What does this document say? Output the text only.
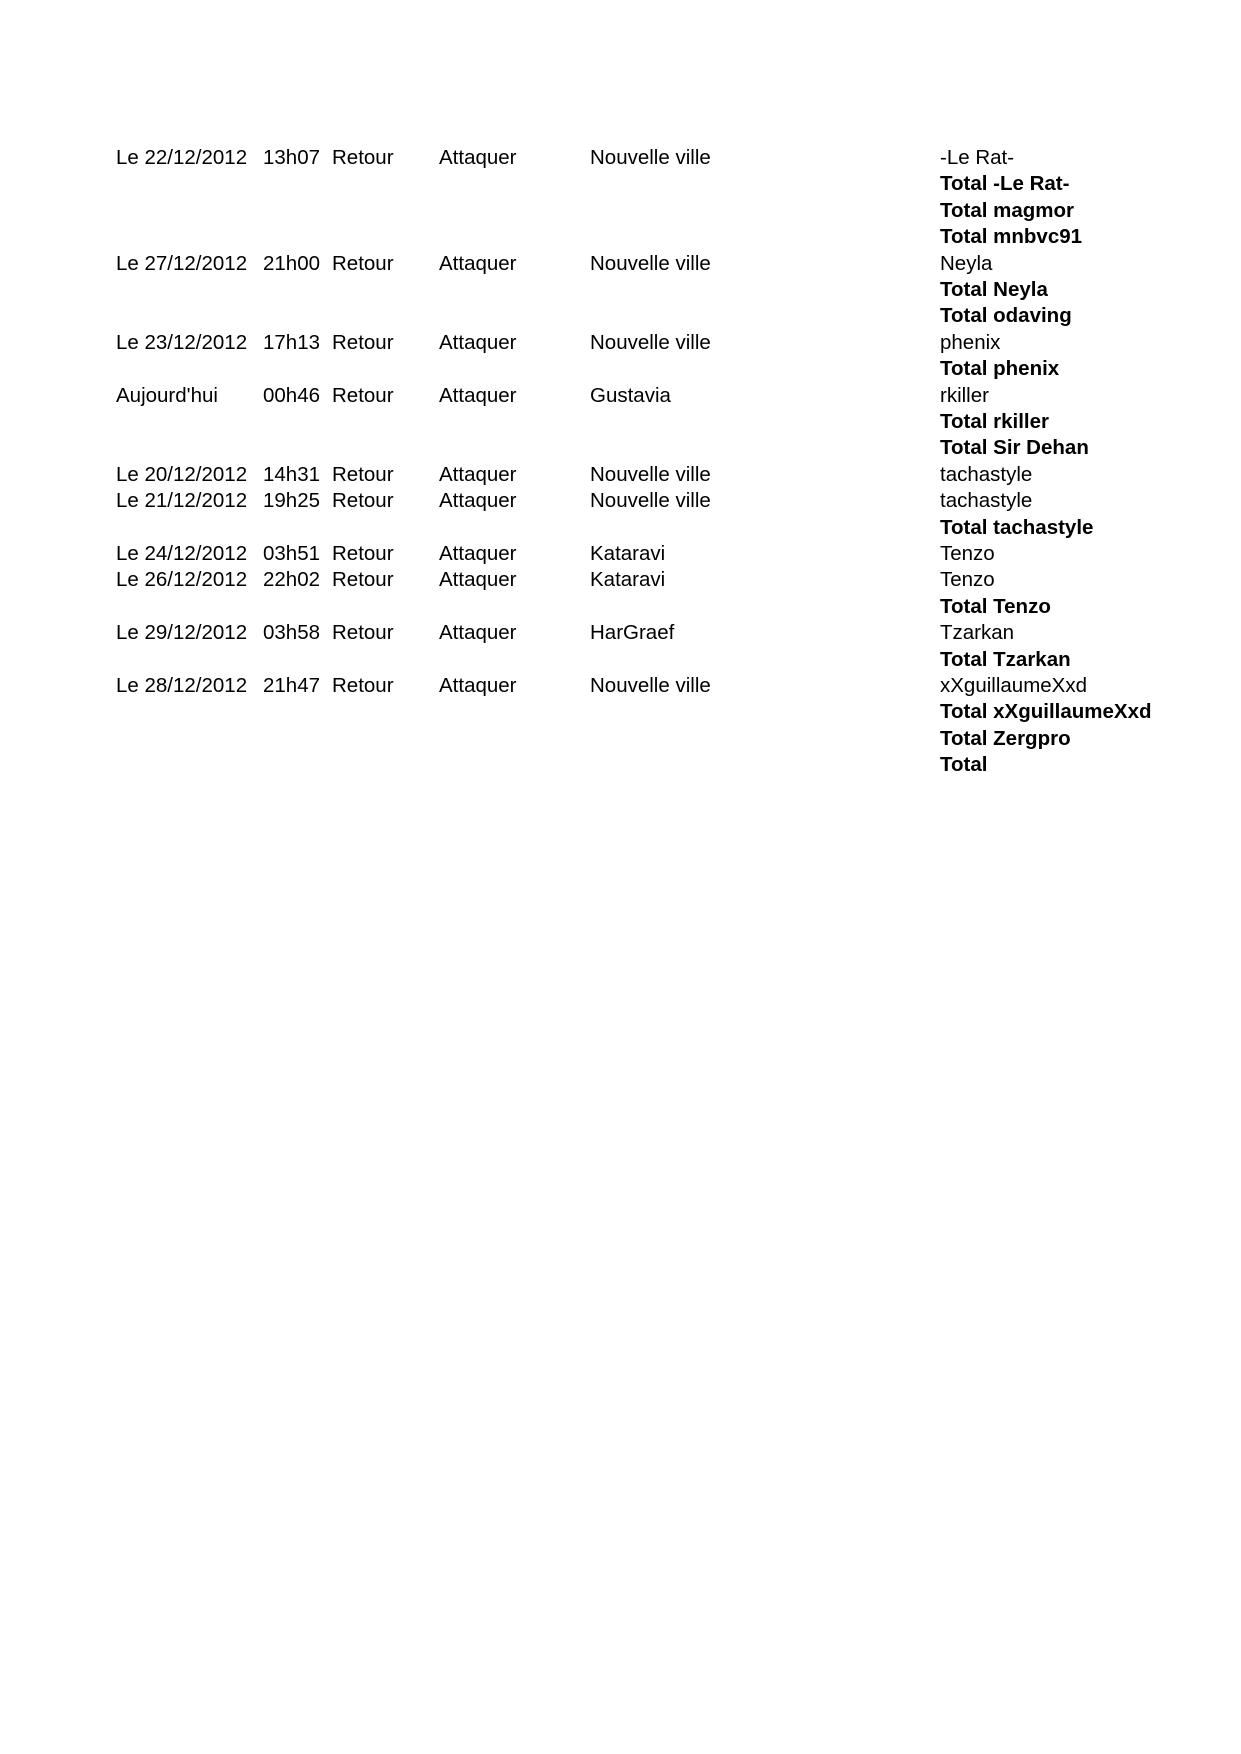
Le 22/12/2012 13h07 Retour	Attaquer	Nouvelle ville	-Le Rat-
Total -Le Rat-
Total magmor
Total mnbvc91
Le 27/12/2012 21h00 Retour	Attaquer	Nouvelle ville	Neyla
Total Neyla
Total odaving
Le 23/12/2012 17h13 Retour	Attaquer	Nouvelle ville	phenix
Total phenix
Aujourd'hui	00h46 Retour	Attaquer	Gustavia	rkiller
Total rkiller
Total Sir Dehan
Le 20/12/2012 14h31 Retour	Attaquer	Nouvelle ville	tachastyle
Le 21/12/2012 19h25 Retour	Attaquer	Nouvelle ville	tachastyle
Total tachastyle
Le 24/12/2012 03h51 Retour	Attaquer	Kataravi	Tenzo
Le 26/12/2012 22h02 Retour	Attaquer	Kataravi	Tenzo
Total Tenzo
Le 29/12/2012 03h58 Retour	Attaquer	HarGraef	Tzarkan
Total Tzarkan
Le 28/12/2012 21h47 Retour	Attaquer	Nouvelle ville	xXguillaumeXxd
Total xXguillaumeXxd
Total Zergpro
Total
